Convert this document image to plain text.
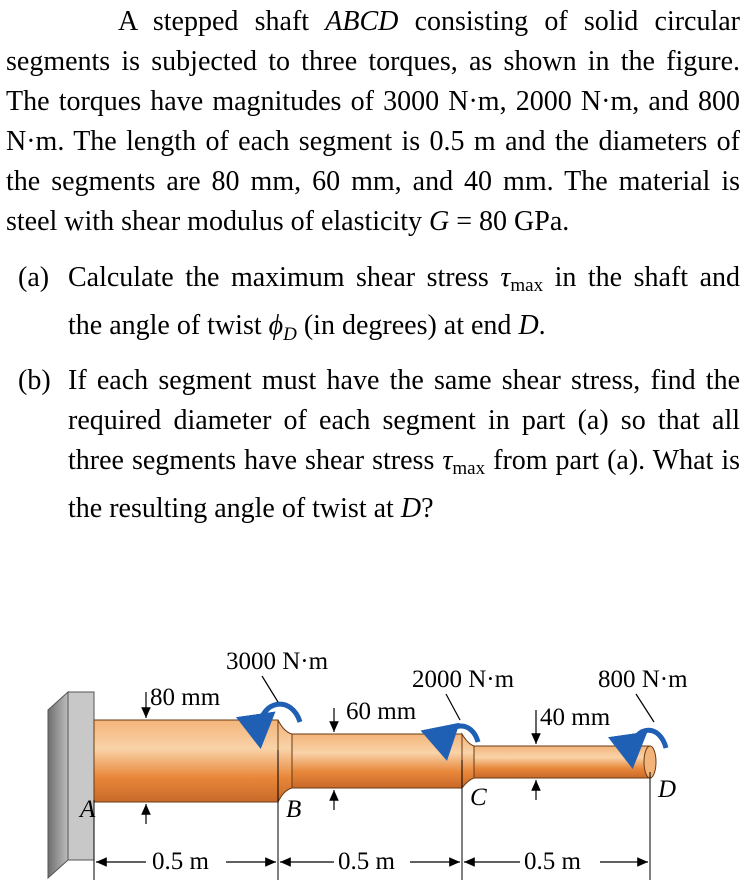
A stepped shaft ABCD consisting of solid circular segments is subjected to three torques, as shown in the figure. The torques have magnitudes of 3000 N·m, 2000 N·m, and 800 N·m. The length of each segment is 0.5 m and the diameters of the segments are 80 mm, 60 mm, and 40 mm. The material is steel with shear modulus of elasticity G = 80 GPa.

(a) Calculate the maximum shear stress $\tau_{max}$ in the shaft and the angle of twist $\phi_D$ (in degrees) at end D.

(b) If each segment must have the same shear stress, find the required diameter of each segment in part (a) so that all three segments have shear stress $\tau_{max}$ from part (a). What is the resulting angle of twist at D?

3000 N·m
2000 N·m	800 N·m
80 mm
60 mm	40 mm
A	B	C	D
0.5 m	0.5 m	0.5 m
